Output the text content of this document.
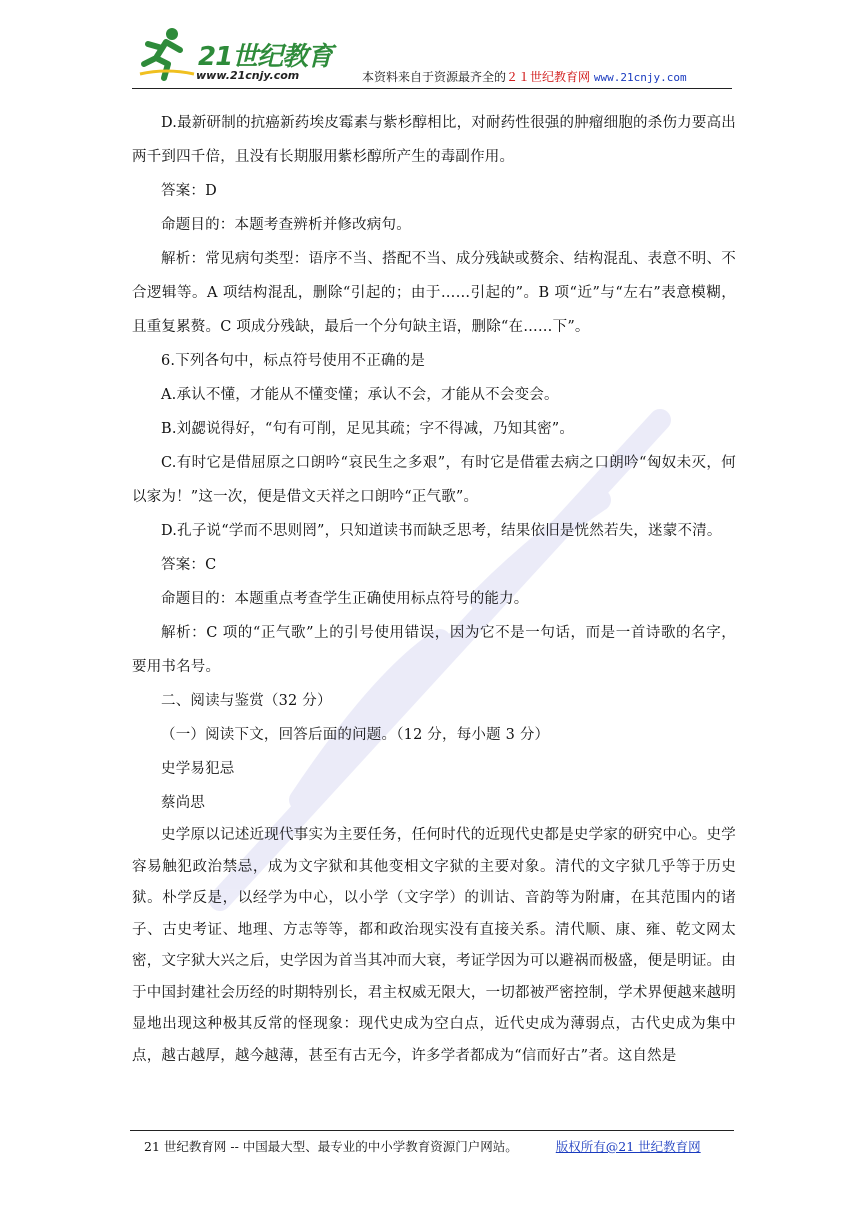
21世纪教育
www.21cnjy.com	本资料来自于资源最齐全的２１世纪教育网 www.21cnjy.com

D.最新研制的抗癌新药埃皮霉素与紫杉醇相比，对耐药性很强的肿瘤细胞的杀伤力要高出两千到四千倍，且没有长期服用紫杉醇所产生的毒副作用。

答案：D

命题目的：本题考查辨析并修改病句。

解析：常见病句类型：语序不当、搭配不当、成分残缺或赘余、结构混乱、表意不明、不合逻辑等。A 项结构混乱，删除“引起的；由于……引起的”。B 项“近”与“左右”表意模糊，且重复累赘。C 项成分残缺，最后一个分句缺主语，删除“在……下”。

6.下列各句中，标点符号使用不正确的是

A.承认不懂，才能从不懂变懂；承认不会，才能从不会变会。

B.刘勰说得好，“句有可削，足见其疏；字不得减，乃知其密”。

C.有时它是借屈原之口朗吟“哀民生之多艰”，有时它是借霍去病之口朗吟“匈奴未灭，何以家为！”这一次，便是借文天祥之口朗吟“正气歌”。

D.孔子说“学而不思则罔”，只知道读书而缺乏思考，结果依旧是恍然若失，迷蒙不清。

答案：C

命题目的：本题重点考查学生正确使用标点符号的能力。

解析：C 项的“正气歌”上的引号使用错误，因为它不是一句话，而是一首诗歌的名字，要用书名号。

二、阅读与鉴赏（32 分）

（一）阅读下文，回答后面的问题。（12 分，每小题 3 分）

史学易犯忌

蔡尚思

史学原以记述近现代事实为主要任务，任何时代的近现代史都是史学家的研究中心。史学容易触犯政治禁忌，成为文字狱和其他变相文字狱的主要对象。清代的文字狱几乎等于历史狱。朴学反是，以经学为中心，以小学（文字学）的训诂、音韵等为附庸，在其范围内的诸子、古史考证、地理、方志等等，都和政治现实没有直接关系。清代顺、康、雍、乾文网太密，文字狱大兴之后，史学因为首当其冲而大衰，考证学因为可以避祸而极盛，便是明证。由于中国封建社会历经的时期特别长，君主权威无限大，一切都被严密控制，学术界便越来越明显地出现这种极其反常的怪现象：现代史成为空白点，近代史成为薄弱点，古代史成为集中点，越古越厚，越今越薄，甚至有古无今，许多学者都成为“信而好古”者。这自然是

21 世纪教育网 -- 中国最大型、最专业的中小学教育资源门户网站。	版权所有@21 世纪教育网
